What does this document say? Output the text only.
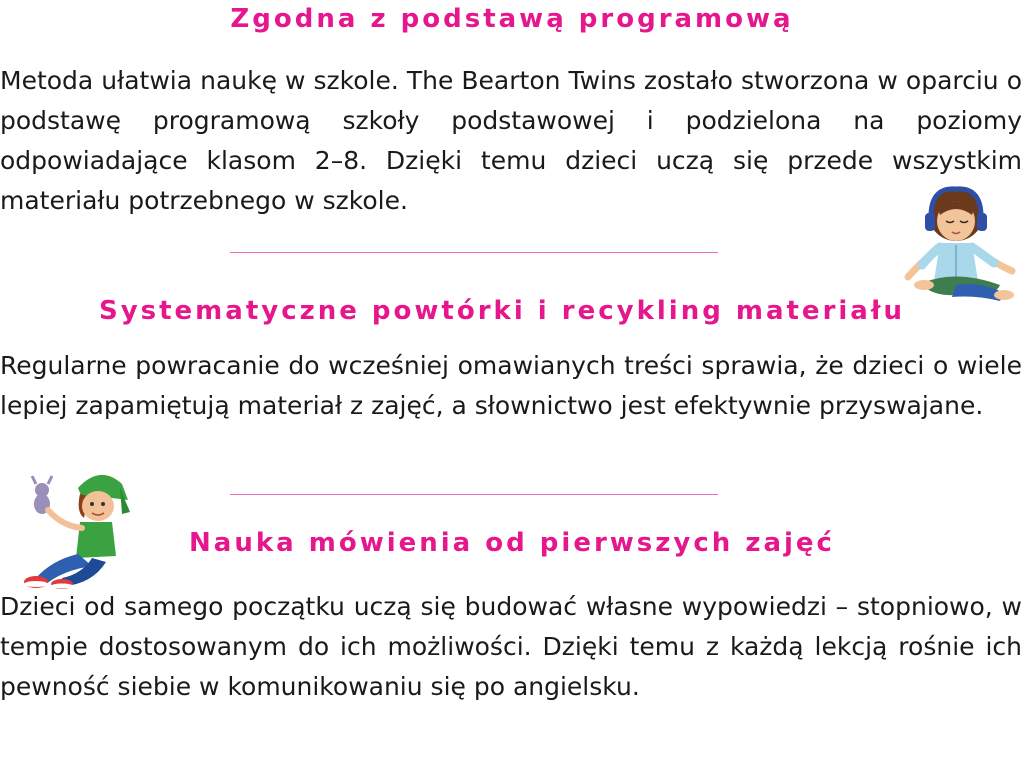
Zgodna z podstawą programową

Metoda ułatwia naukę w szkole. The Bearton Twins zostało stworzona w oparciu o podstawę programową szkoły podstawowej i podzielona na poziomy odpowiadające klasom 2–8. Dzięki temu dzieci uczą się przede wszystkim materiału potrzebnego w szkole.

Systematyczne powtórki i recykling materiału

Regularne powracanie do wcześniej omawianych treści sprawia, że dzieci o wiele lepiej zapamiętują materiał z zajęć, a słownictwo jest efektywnie przyswajane.

Nauka mówienia od pierwszych zajęć

Dzieci od samego początku uczą się budować własne wypowiedzi – stopniowo, w tempie dostosowanym do ich możliwości. Dzięki temu z każdą lekcją rośnie ich pewność siebie w komunikowaniu się po angielsku.
